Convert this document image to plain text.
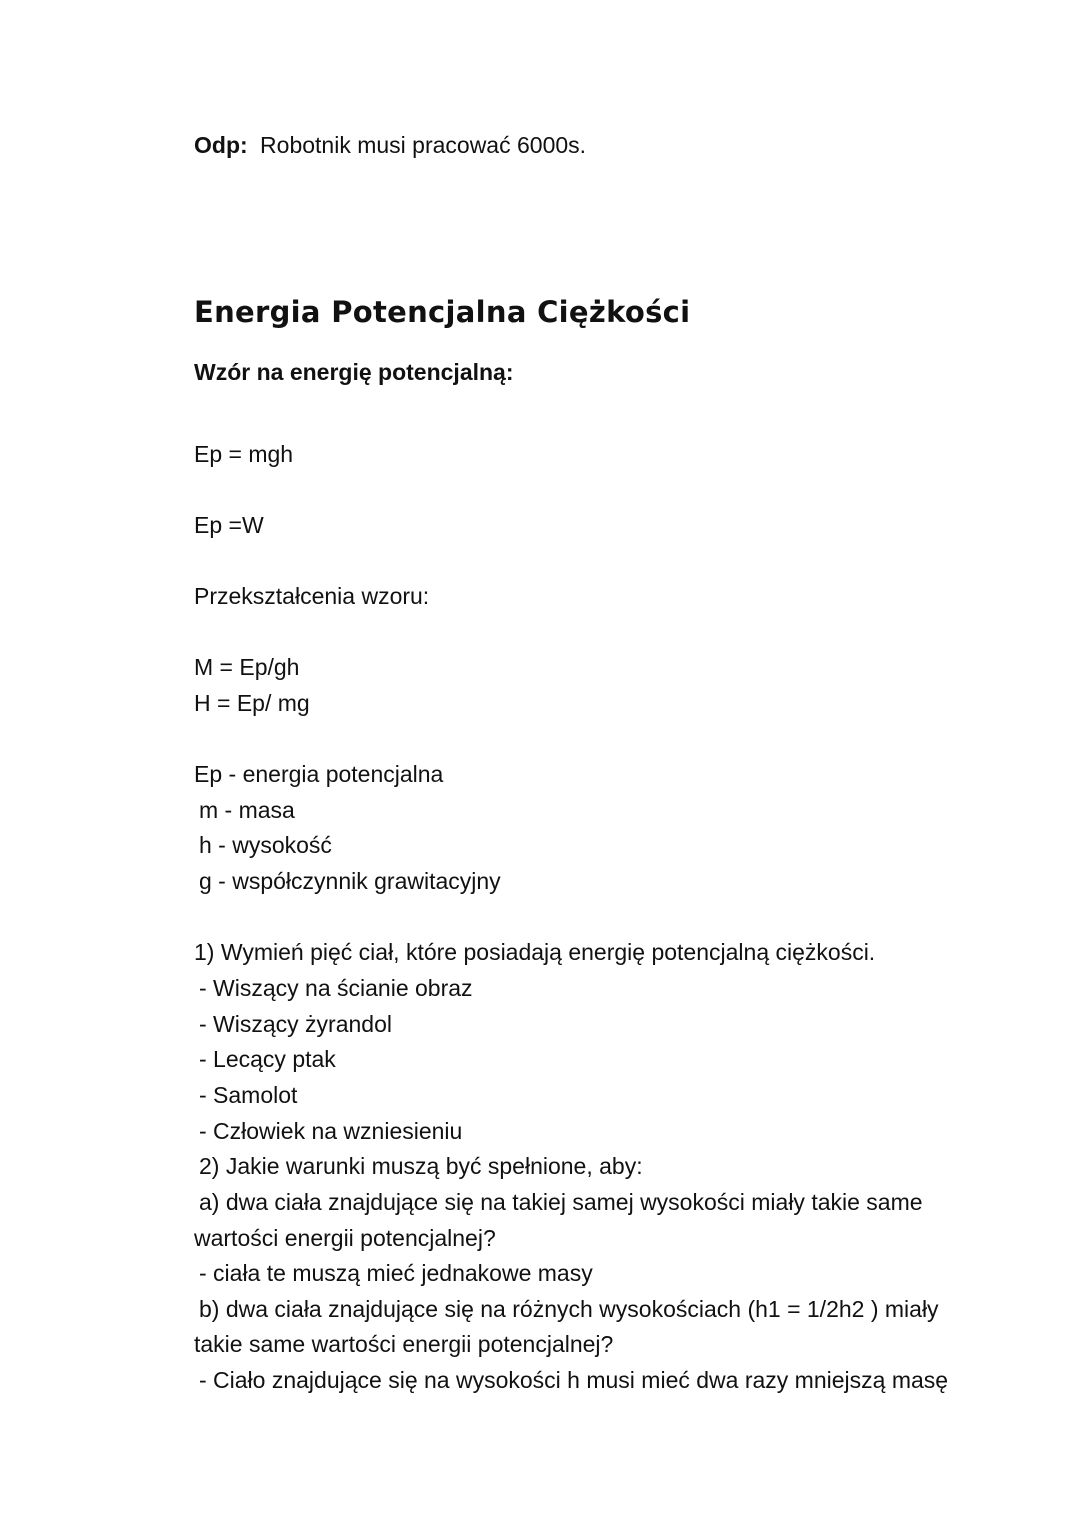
Odp: Robotnik musi pracować 6000s.
Energia Potencjalna Ciężkości
Wzór na energię potencjalną:
Ep = mgh
Ep =W
Przekształcenia wzoru:
M = Ep/gh
H = Ep/ mg
Ep - energia potencjalna
m - masa
h - wysokość
g - współczynnik grawitacyjny
1) Wymień pięć ciał, które posiadają energię potencjalną ciężkości.
- Wiszący na ścianie obraz
- Wiszący żyrandol
- Lecący ptak
- Samolot
- Człowiek na wzniesieniu
2) Jakie warunki muszą być spełnione, aby:
a) dwa ciała znajdujące się na takiej samej wysokości miały takie same
wartości energii potencjalnej?
- ciała te muszą mieć jednakowe masy
b) dwa ciała znajdujące się na różnych wysokościach (h1 = 1/2h2 ) miały
takie same wartości energii potencjalnej?
- Ciało znajdujące się na wysokości h musi mieć dwa razy mniejszą masę
